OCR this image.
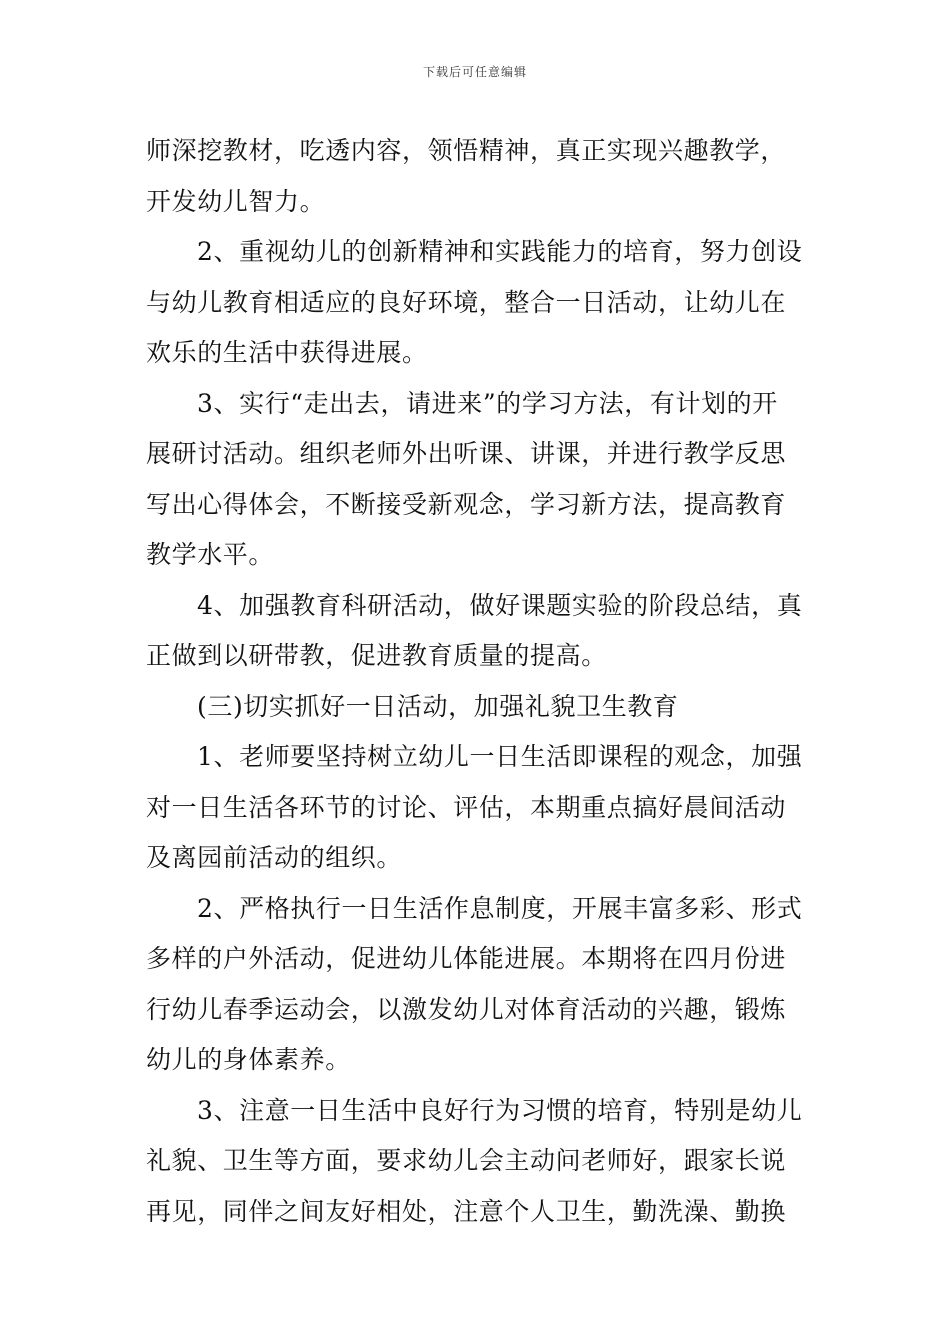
下载后可任意编辑
师深挖教材，吃透内容，领悟精神，真正实现兴趣教学，
开发幼儿智力。
2、重视幼儿的创新精神和实践能力的培育，努力创设
与幼儿教育相适应的良好环境，整合一日活动，让幼儿在
欢乐的生活中获得进展。
3、实行“走出去，请进来”的学习方法，有计划的开
展研讨活动。组织老师外出听课、讲课，并进行教学反思
写出心得体会，不断接受新观念，学习新方法，提高教育
教学水平。
4、加强教育科研活动，做好课题实验的阶段总结，真
正做到以研带教，促进教育质量的提高。
(三)切实抓好一日活动，加强礼貌卫生教育
1、老师要坚持树立幼儿一日生活即课程的观念，加强
对一日生活各环节的讨论、评估，本期重点搞好晨间活动
及离园前活动的组织。
2、严格执行一日生活作息制度，开展丰富多彩、形式
多样的户外活动，促进幼儿体能进展。本期将在四月份进
行幼儿春季运动会，以激发幼儿对体育活动的兴趣，锻炼
幼儿的身体素养。
3、注意一日生活中良好行为习惯的培育，特别是幼儿
礼貌、卫生等方面，要求幼儿会主动问老师好，跟家长说
再见，同伴之间友好相处，注意个人卫生，勤洗澡、勤换
